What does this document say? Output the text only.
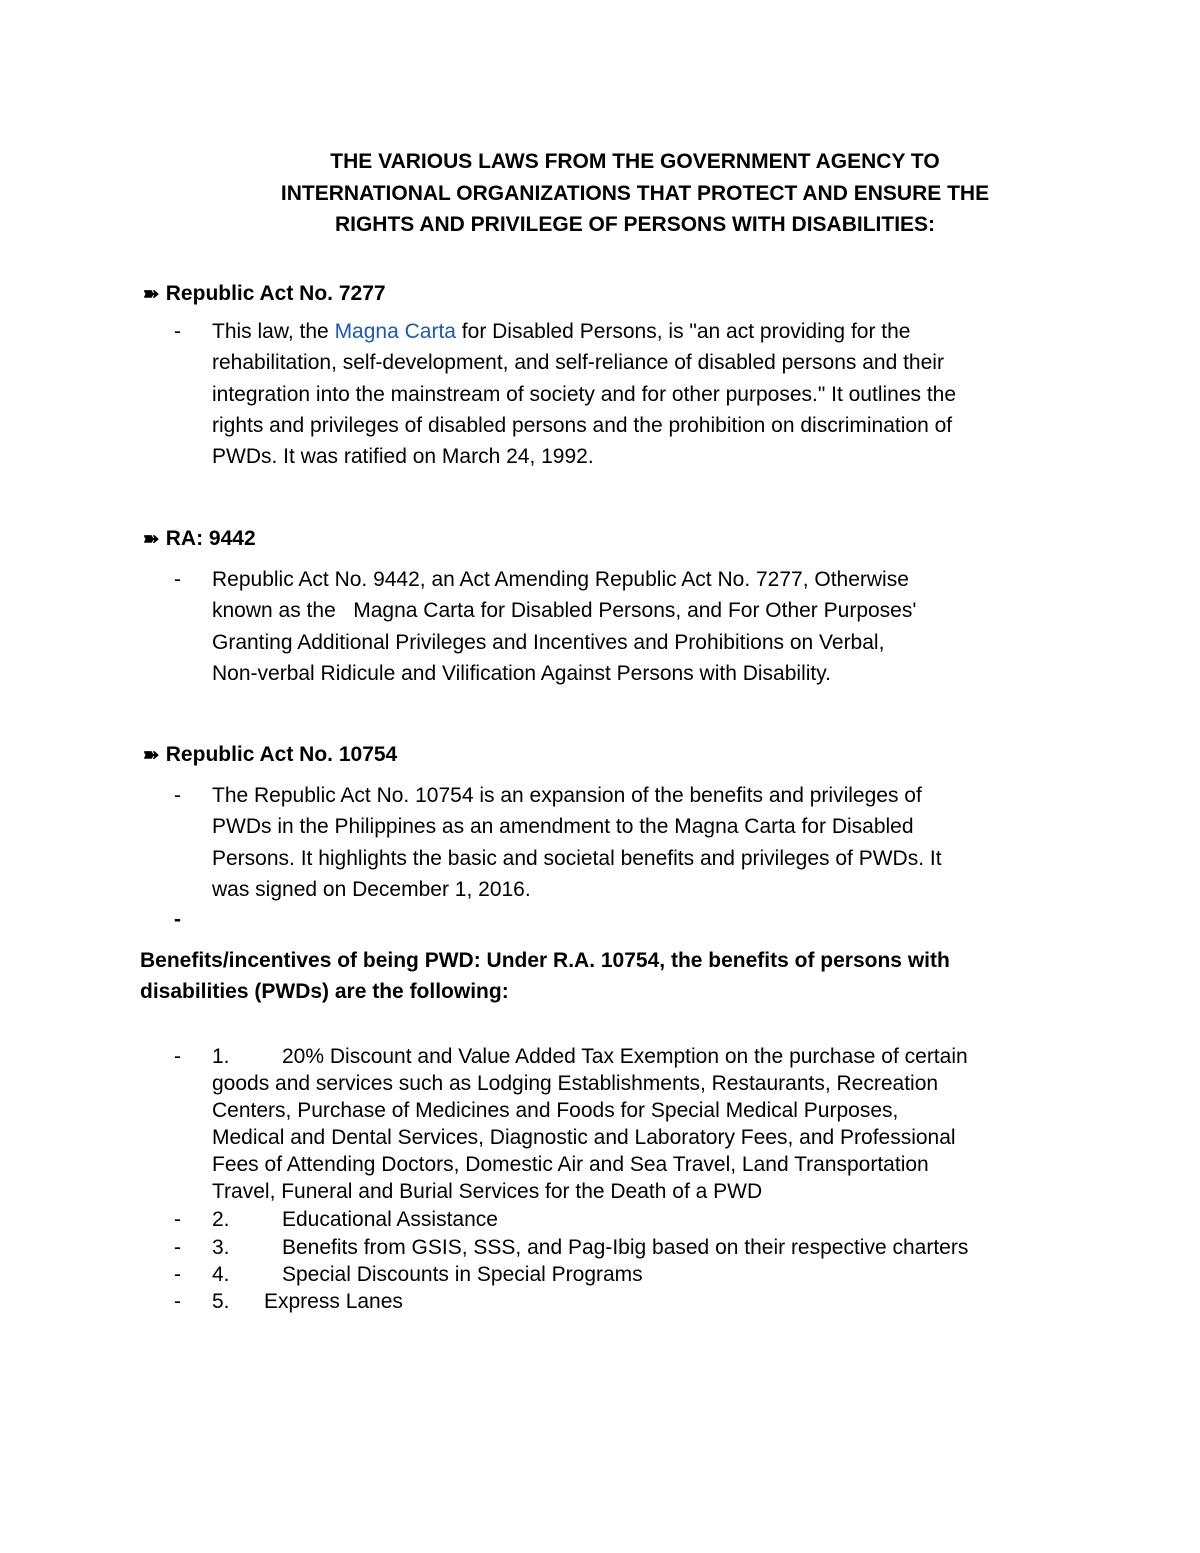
THE VARIOUS LAWS FROM THE GOVERNMENT AGENCY TO
INTERNATIONAL ORGANIZATIONS THAT PROTECT AND ENSURE THE
RIGHTS AND PRIVILEGE OF PERSONS WITH DISABILITIES:
➽ Republic Act No. 7277
- This law, the Magna Carta for Disabled Persons, is "an act providing for the
rehabilitation, self-development, and self-reliance of disabled persons and their
integration into the mainstream of society and for other purposes." It outlines the
rights and privileges of disabled persons and the prohibition on discrimination of
PWDs. It was ratified on March 24, 1992.
➽ RA: 9442
- Republic Act No. 9442, an Act Amending Republic Act No. 7277, Otherwise
known as the   Magna Carta for Disabled Persons, and For Other Purposes'
Granting Additional Privileges and Incentives and Prohibitions on Verbal,
Non-verbal Ridicule and Vilification Against Persons with Disability.
➽ Republic Act No. 10754
- The Republic Act No. 10754 is an expansion of the benefits and privileges of
PWDs in the Philippines as an amendment to the Magna Carta for Disabled
Persons. It highlights the basic and societal benefits and privileges of PWDs. It
was signed on December 1, 2016.
-
Benefits/incentives of being PWD: Under R.A. 10754, the benefits of persons with
disabilities (PWDs) are the following:
- 1. 20% Discount and Value Added Tax Exemption on the purchase of certain
goods and services such as Lodging Establishments, Restaurants, Recreation
Centers, Purchase of Medicines and Foods for Special Medical Purposes,
Medical and Dental Services, Diagnostic and Laboratory Fees, and Professional
Fees of Attending Doctors, Domestic Air and Sea Travel, Land Transportation
Travel, Funeral and Burial Services for the Death of a PWD
- 2. Educational Assistance
- 3. Benefits from GSIS, SSS, and Pag-Ibig based on their respective charters
- 4. Special Discounts in Special Programs
- 5. Express Lanes
